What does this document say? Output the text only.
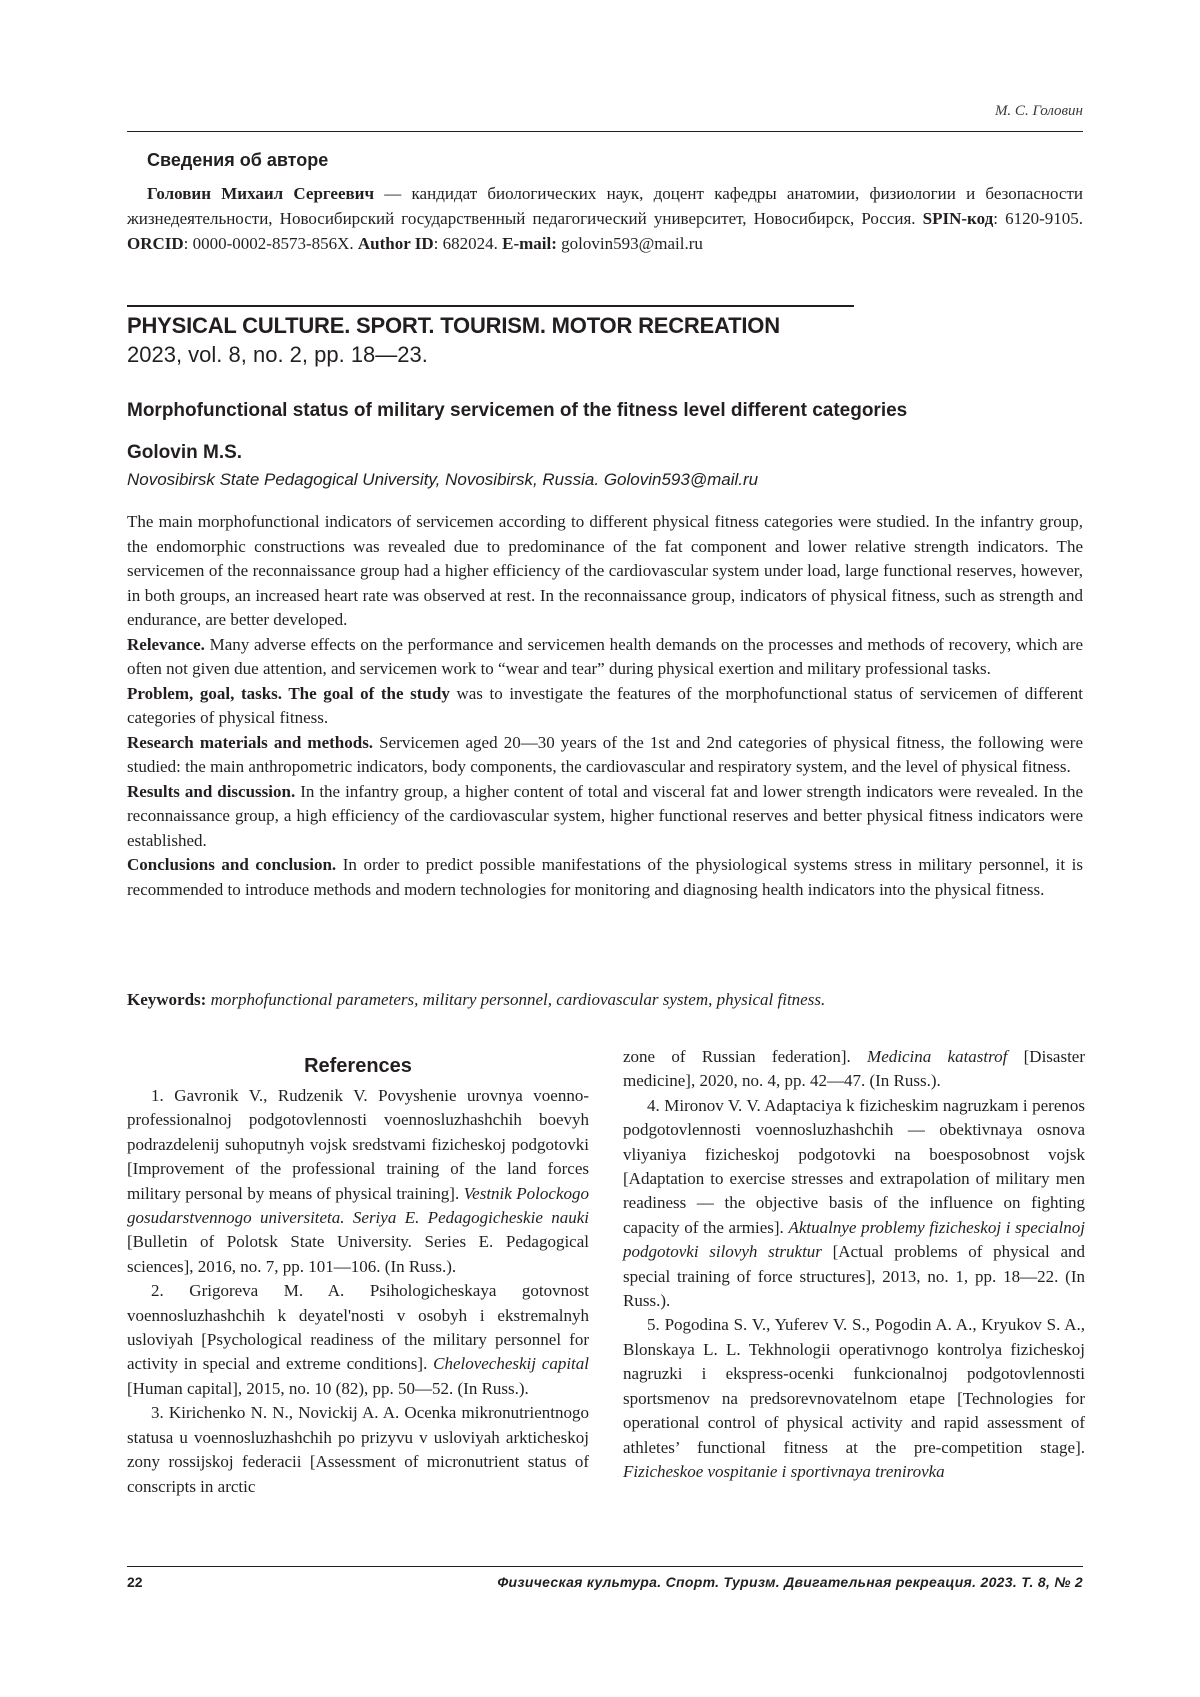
М. С. Головин
Сведения об авторе

Головин Михаил Сергеевич — кандидат биологических наук, доцент кафедры анатомии, физиологии и безопасности жизнедеятельности, Новосибирский государственный педагогический университет, Новосибирск, Россия. SPIN-код: 6120-9105. ORCID: 0000-0002-8573-856X. Author ID: 682024. E-mail: golovin593@mail.ru

PHYSICAL CULTURE. SPORT. TOURISM. MOTOR RECREATION
2023, vol. 8, no. 2, pp. 18—23.
Morphofunctional status of military servicemen of the fitness level different categories
Golovin M.S.
Novosibirsk State Pedagogical University, Novosibirsk, Russia. Golovin593@mail.ru

The main morphofunctional indicators of servicemen according to different physical fitness categories were studied. In the infantry group, the endomorphic constructions was revealed due to predominance of the fat component and lower relative strength indicators. The servicemen of the reconnaissance group had a higher efficiency of the cardiovascular system under load, large functional reserves, however, in both groups, an increased heart rate was observed at rest. In the reconnaissance group, indicators of physical fitness, such as strength and endurance, are better developed.

Relevance. Many adverse effects on the performance and servicemen health demands on the processes and methods of recovery, which are often not given due attention, and servicemen work to “wear and tear” during physical exertion and military professional tasks.

Problem, goal, tasks. The goal of the study was to investigate the features of the morphofunctional status of servicemen of different categories of physical fitness.

Research materials and methods. Servicemen aged 20—30 years of the 1st and 2nd categories of physical fitness, the following were studied: the main anthropometric indicators, body components, the cardiovascular and respiratory system, and the level of physical fitness.

Results and discussion. In the infantry group, a higher content of total and visceral fat and lower strength indicators were revealed. In the reconnaissance group, a high efficiency of the cardiovascular system, higher functional reserves and better physical fitness indicators were established.

Conclusions and conclusion. In order to predict possible manifestations of the physiological systems stress in military personnel, it is recommended to introduce methods and modern technologies for monitoring and diagnosing health indicators into the physical fitness.

Keywords: morphofunctional parameters, military personnel, cardiovascular system, physical fitness.
References

1. Gavronik V., Rudzenik V. Povyshenie urovnya voenno-professionalnoj podgotovlennosti voennosluzhashchih boevyh podrazdelenij suhoputnyh vojsk sredstvami fizicheskoj podgotovki [Improvement of the professional training of the land forces military personal by means of physical training]. Vestnik Polockogo gosudarstvennogo universiteta. Seriya E. Pedagogicheskie nauki [Bulletin of Polotsk State University. Series E. Pedagogical sciences], 2016, no. 7, pp. 101—106. (In Russ.).

2. Grigoreva M. A. Psihologicheskaya gotovnost voennosluzhashchih k deyatel'nosti v osobyh i ekstremalnyh usloviyah [Psychological readiness of the military personnel for activity in special and extreme conditions]. Chelovecheskij capital [Human capital], 2015, no. 10 (82), pp. 50—52. (In Russ.).

3. Kirichenko N. N., Novickij A. A. Ocenka mikronutrientnogo statusa u voennosluzhashchih po prizyvu v usloviyah arkticheskoj zony rossijskoj federacii [Assessment of micronutrient status of conscripts in arctic

zone of Russian federation]. Medicina katastrof [Disaster medicine], 2020, no. 4, pp. 42—47. (In Russ.).

4. Mironov V. V. Adaptaciya k fizicheskim nagruzkam i perenos podgotovlennosti voennosluzhashchih — obektivnaya osnova vliyaniya fizicheskoj podgotovki na boesposobnost vojsk [Adaptation to exercise stresses and extrapolation of military men readiness — the objective basis of the influence on fighting capacity of the armies]. Aktualnye problemy fizicheskoj i specialnoj podgotovki silovyh struktur [Actual problems of physical and special training of force structures], 2013, no. 1, pp. 18—22. (In Russ.).

5. Pogodina S. V., Yuferev V. S., Pogodin A. A., Kryukov S. A., Blonskaya L. L. Tekhnologii operativnogo kontrolya fizicheskoj nagruzki i ekspress-ocenki funkcionalnoj podgotovlennosti sportsmenov na predsorevnovatelnom etape [Technologies for operational control of physical activity and rapid assessment of athletes’ functional fitness at the pre-competition stage]. Fizicheskoe vospitanie i sportivnaya trenirovka

22	Физическая культура. Спорт. Туризм. Двигательная рекреация. 2023. Т. 8, № 2
